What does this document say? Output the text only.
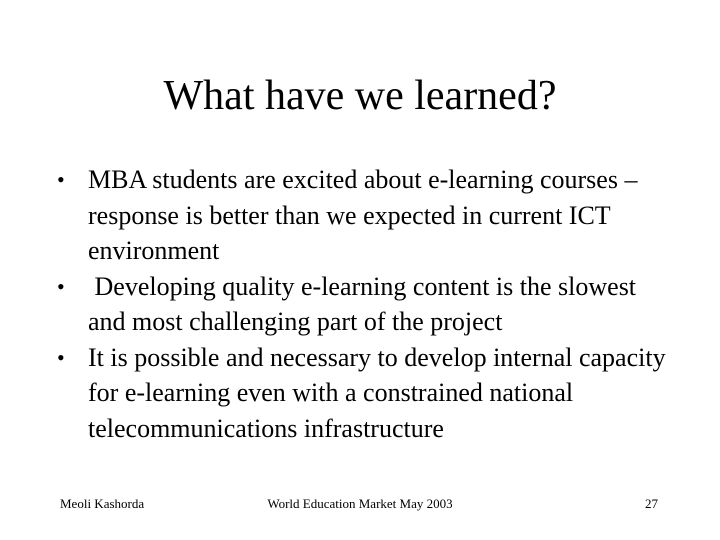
What have we learned?
• MBA students are excited about e-learning courses – response is better than we expected in current ICT environment
• Developing quality e-learning content is the slowest and most challenging part of the project
• It is possible and necessary to develop internal capacity for e-learning even with a constrained national telecommunications infrastructure
Meoli Kashorda	World Education Market May 2003	27
